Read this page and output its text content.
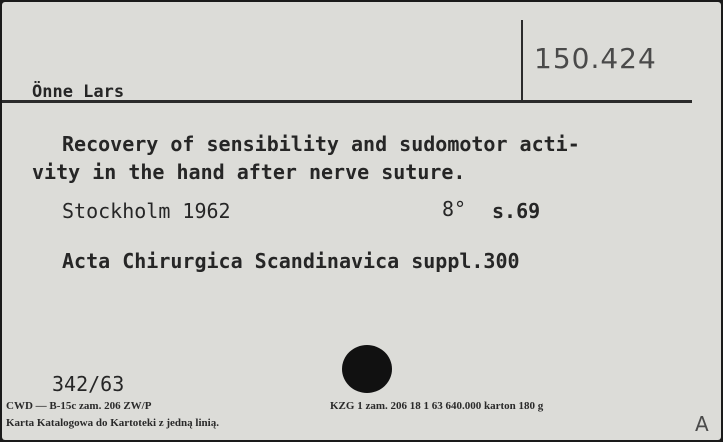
Önne Lars
150.424
Recovery of sensibility and sudomotor acti-
vity in the hand after nerve suture.
Stockholm 1962	8° s.69
Acta Chirurgica Scandinavica suppl.300
342/63
CWD — B-15c zam. 206 ZW/P	KZG 1 zam. 206 18 1 63 640.000 karton 180 g
Karta Katalogowa do Kartoteki z jedną linią.	A
